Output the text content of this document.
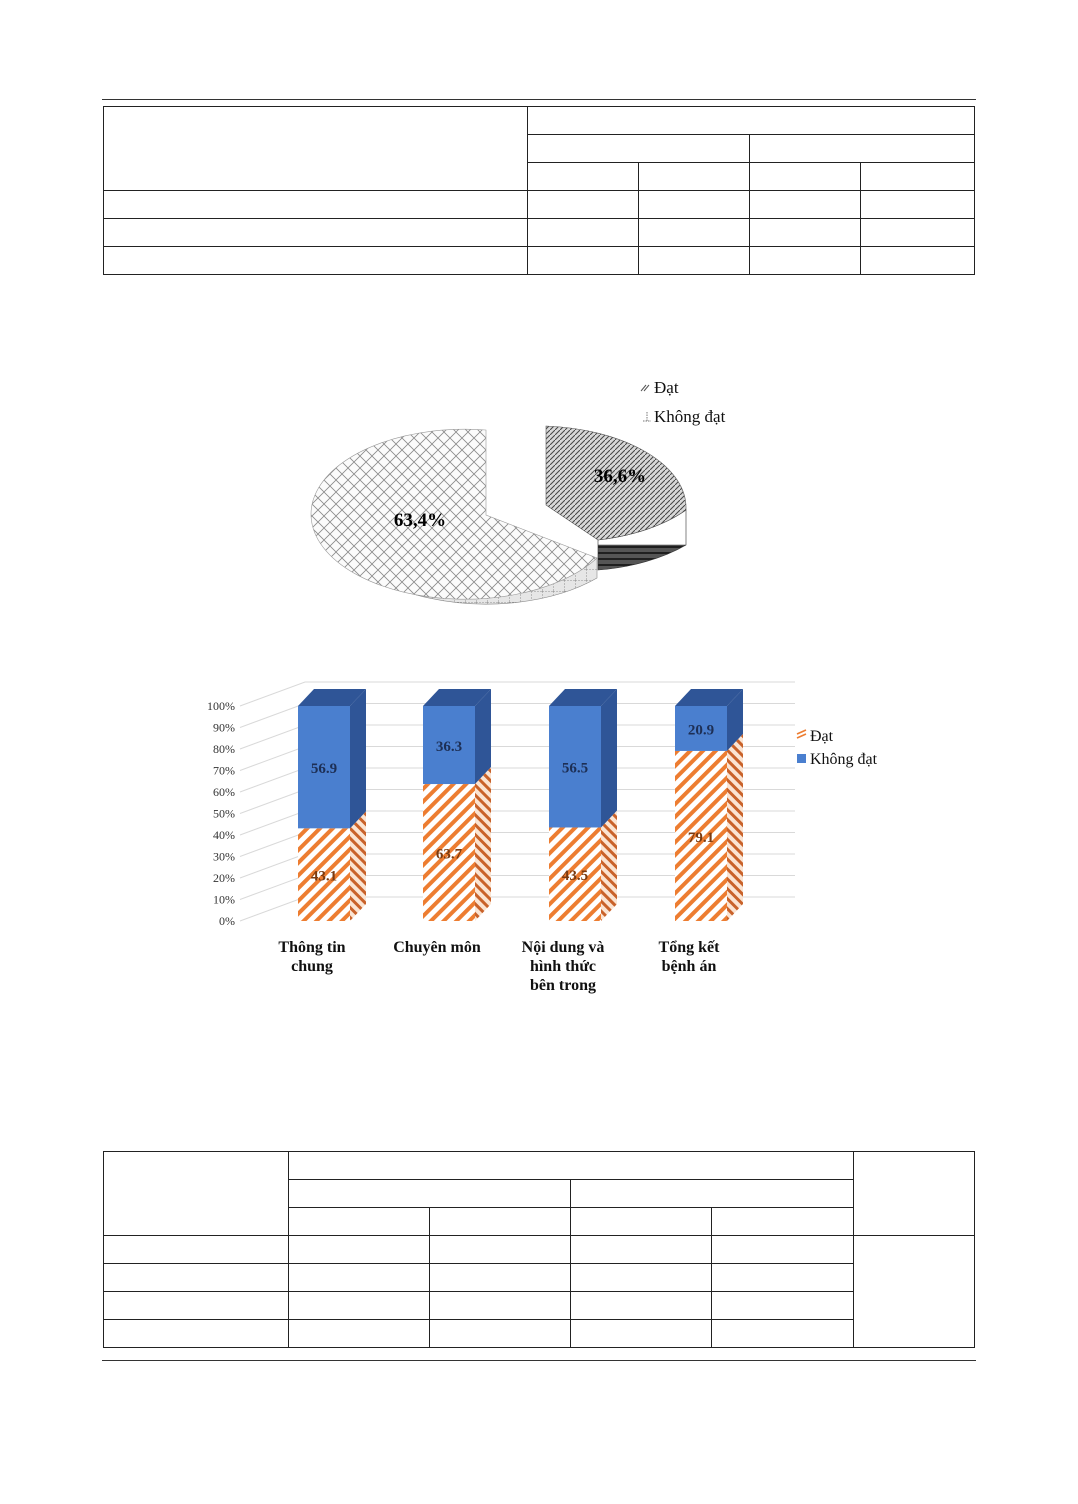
36,6%
63,4%
Đạt
Không đạt
0%
10%
20%
30%
40%
50%
60%
70%
80%
90%
100%
43.1
56.9
63.7
36.3
43.5
56.5
79.1
20.9
Thông tin
chung
Chuyên môn	Nội dung và
hình thức
bên trong
Tổng kết
bệnh án
Đạt
Không đạt
